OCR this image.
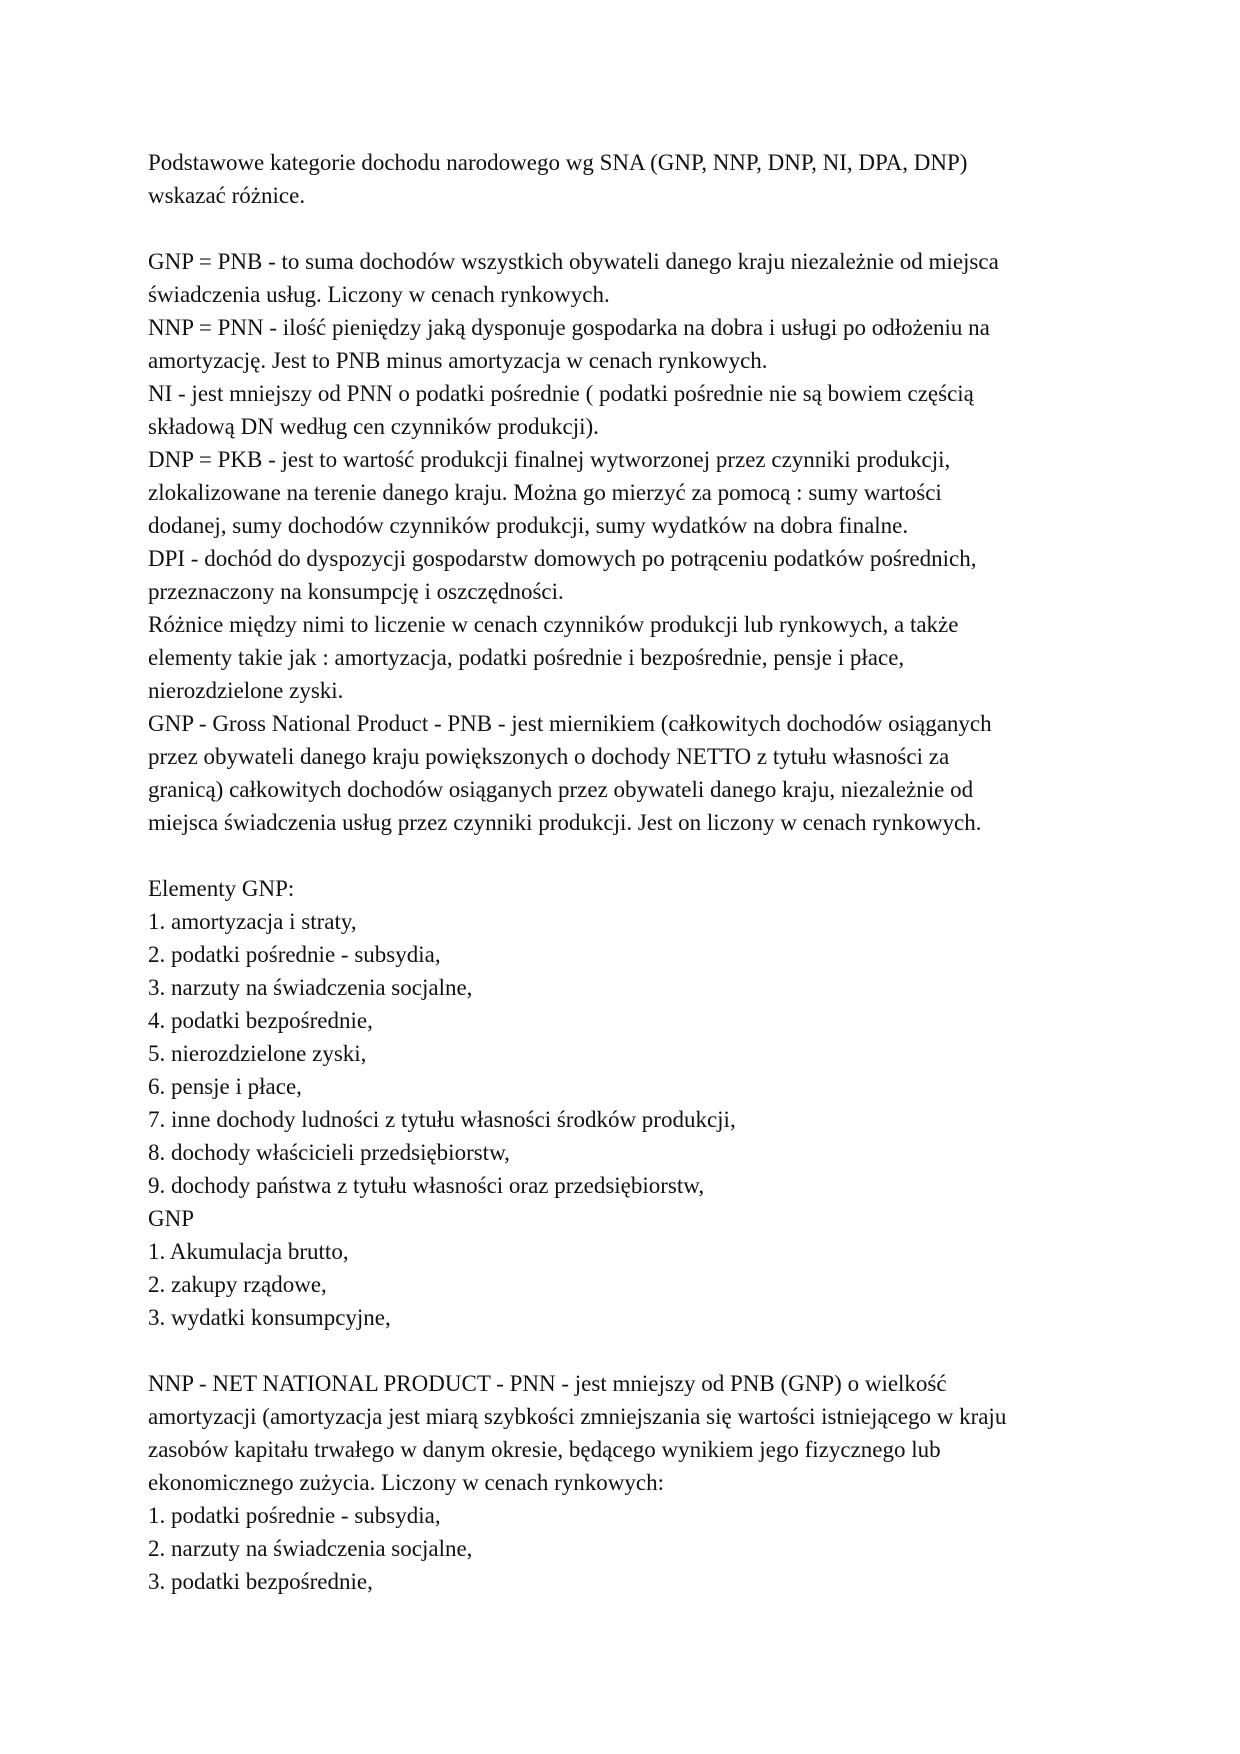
Podstawowe kategorie dochodu narodowego wg SNA (GNP, NNP, DNP, NI, DPA, DNP)
wskazać różnice.
GNP = PNB - to suma dochodów wszystkich obywateli danego kraju niezależnie od miejsca
świadczenia usług. Liczony w cenach rynkowych.
NNP = PNN - ilość pieniędzy jaką dysponuje gospodarka na dobra i usługi po odłożeniu na
amortyzację. Jest to PNB minus amortyzacja w cenach rynkowych.
NI - jest mniejszy od PNN o podatki pośrednie ( podatki pośrednie nie są bowiem częścią
składową DN według cen czynników produkcji).
DNP = PKB - jest to wartość produkcji finalnej wytworzonej przez czynniki produkcji,
zlokalizowane na terenie danego kraju. Można go mierzyć za pomocą : sumy wartości
dodanej, sumy dochodów czynników produkcji, sumy wydatków na dobra finalne.
DPI - dochód do dyspozycji gospodarstw domowych po potrąceniu podatków pośrednich,
przeznaczony na konsumpcję i oszczędności.
Różnice między nimi to liczenie w cenach czynników produkcji lub rynkowych, a także
elementy takie jak : amortyzacja, podatki pośrednie i bezpośrednie, pensje i płace,
nierozdzielone zyski.
GNP - Gross National Product - PNB - jest miernikiem (całkowitych dochodów osiąganych
przez obywateli danego kraju powiększonych o dochody NETTO z tytułu własności za
granicą) całkowitych dochodów osiąganych przez obywateli danego kraju, niezależnie od
miejsca świadczenia usług przez czynniki produkcji. Jest on liczony w cenach rynkowych.
Elementy GNP:
1. amortyzacja i straty,
2. podatki pośrednie - subsydia,
3. narzuty na świadczenia socjalne,
4. podatki bezpośrednie,
5. nierozdzielone zyski,
6. pensje i płace,
7. inne dochody ludności z tytułu własności środków produkcji,
8. dochody właścicieli przedsiębiorstw,
9. dochody państwa z tytułu własności oraz przedsiębiorstw,
GNP
1. Akumulacja brutto,
2. zakupy rządowe,
3. wydatki konsumpcyjne,
NNP - NET NATIONAL PRODUCT - PNN - jest mniejszy od PNB (GNP) o wielkość
amortyzacji (amortyzacja jest miarą szybkości zmniejszania się wartości istniejącego w kraju
zasobów kapitału trwałego w danym okresie, będącego wynikiem jego fizycznego lub
ekonomicznego zużycia. Liczony w cenach rynkowych:
1. podatki pośrednie - subsydia,
2. narzuty na świadczenia socjalne,
3. podatki bezpośrednie,
